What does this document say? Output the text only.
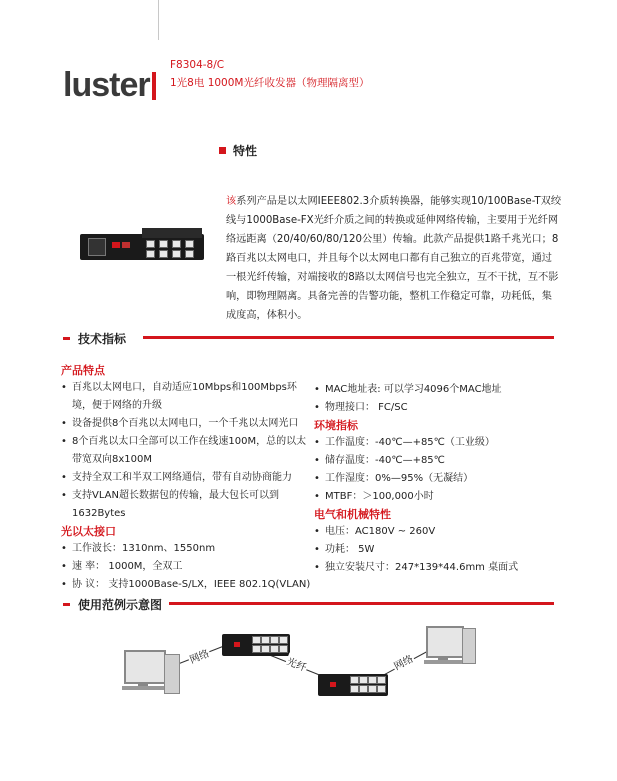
luster
F8304-8/C
1光8电 1000M光纤收发器（物理隔离型）
特性
该系列产品是以太网IEEE802.3介质转换器，能够实现10/100Base-T双绞线与1000Base-FX光纤介质之间的转换或延伸网络传输，主要用于光纤网络远距离（20/40/60/80/120公里）传输。此款产品提供1路千兆光口；8路百兆以太网电口，并且每个以太网电口都有自己独立的百兆带宽，通过一根光纤传输，对端接收的8路以太网信号也完全独立，互不干扰，互不影响，即物理隔离。具备完善的告警功能，整机工作稳定可靠，功耗低，集成度高，体积小。
技术指标
产品特点
• 百兆以太网电口，自动适应10Mbps和100Mbps环
境，便于网络的升级
• 设备提供8个百兆以太网电口，一个千兆以太网光口
• 8个百兆以太口全部可以工作在线速100M，总的以太
带宽双向8x100M
• 支持全双工和半双工网络通信，带有自动协商能力
• 支持VLAN超长数据包的传输，最大包长可以到
1632Bytes
光以太接口
• 工作波长：1310nm、1550nm
• 速 率： 1000M，全双工
• 协 议： 支持1000Base-S/LX，IEEE 802.1Q(VLAN)
• MAC地址表: 可以学习4096个MAC地址
• 物理接口： FC/SC
环境指标
• 工作温度：-40℃—+85℃（工业级）
• 储存温度：-40℃—+85℃
• 工作湿度：0%—95%（无凝结）
• MTBF：＞100,000小时
电气和机械特性
• 电压：AC180V ~ 260V
• 功耗： 5W
• 独立安装尺寸：247*139*44.6mm 桌面式
使用范例示意图
网络	光纤	网络
